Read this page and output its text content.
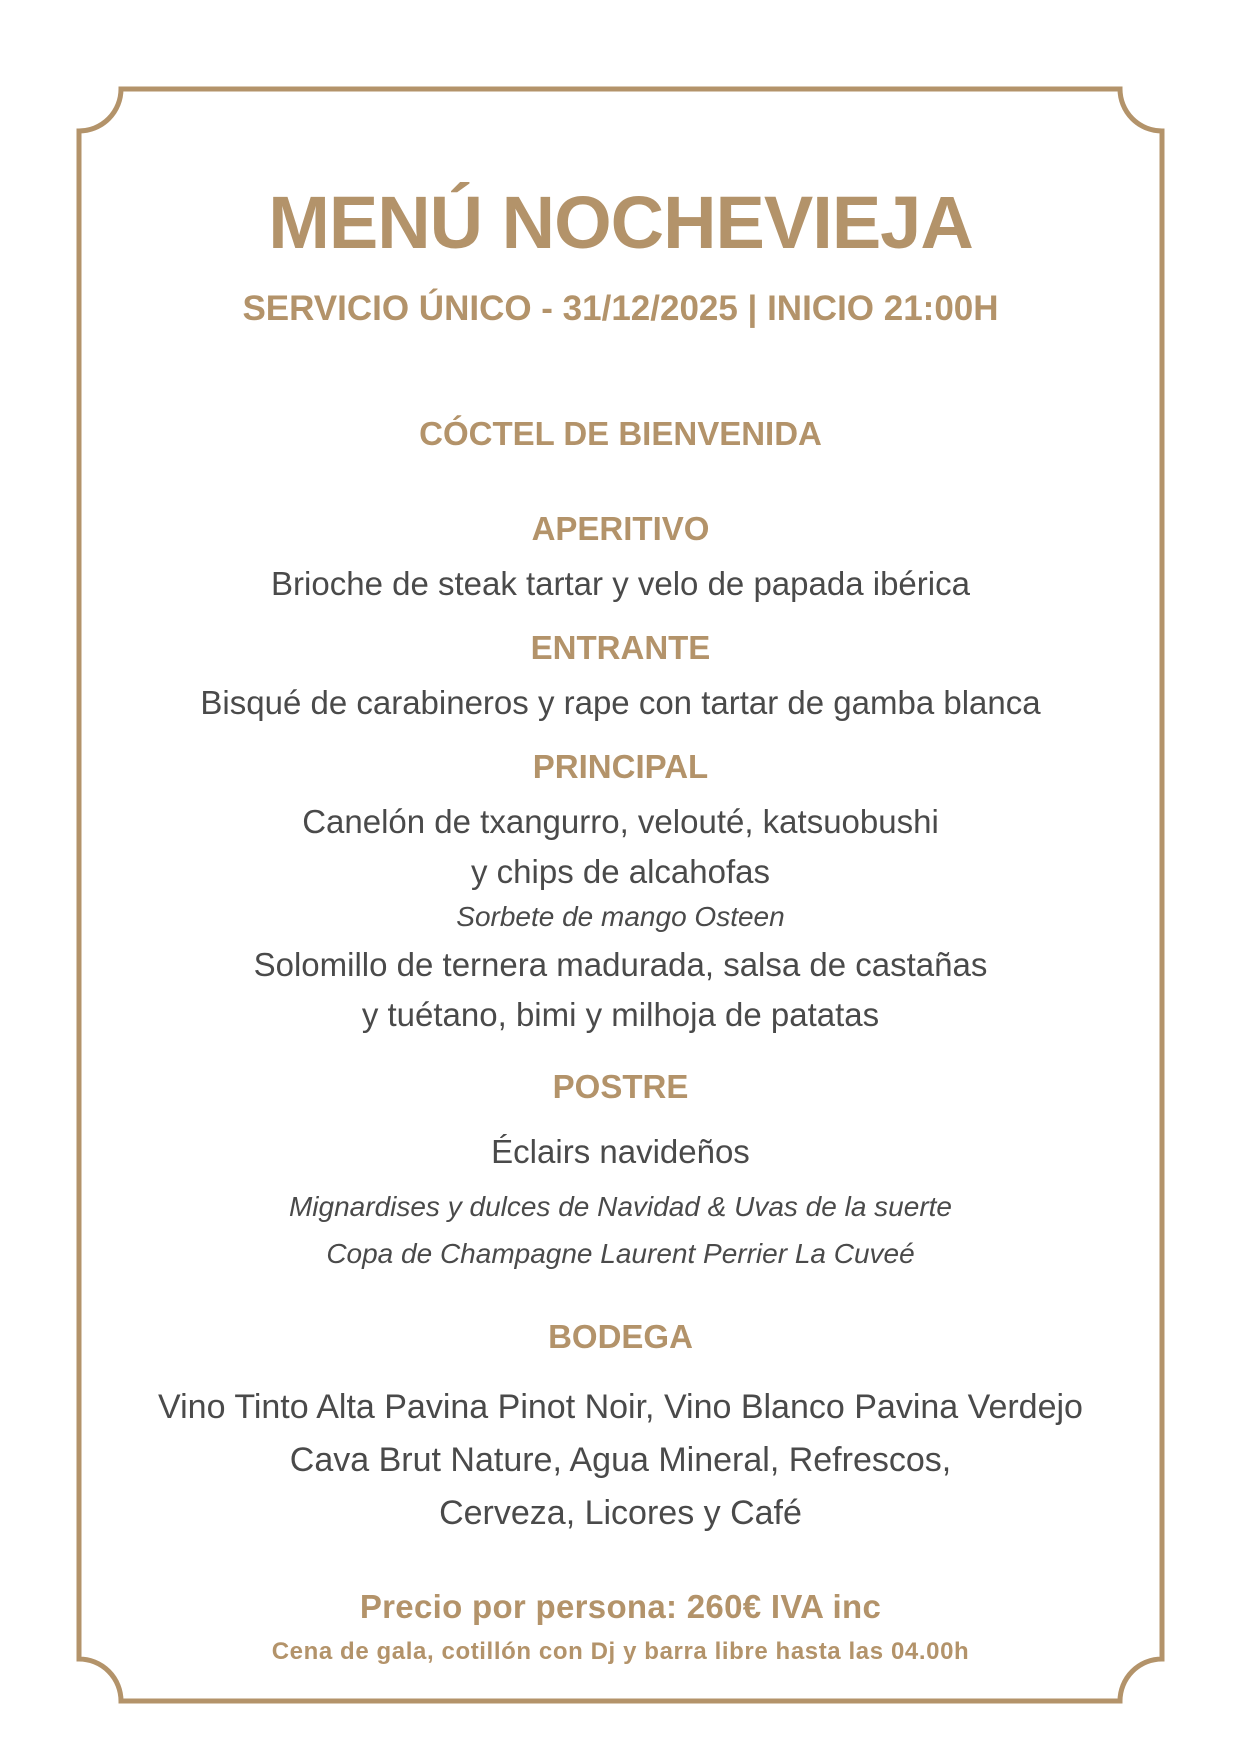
MENÚ NOCHEVIEJA
SERVICIO ÚNICO - 31/12/2025 | INICIO 21:00H
CÓCTEL DE BIENVENIDA
APERITIVO
Brioche de steak tartar y velo de papada ibérica
ENTRANTE
Bisqué de carabineros y rape con tartar de gamba blanca
PRINCIPAL
Canelón de txangurro, velouté, katsuobushi
y chips de alcahofas
Sorbete de mango Osteen
Solomillo de ternera madurada, salsa de castañas
y tuétano, bimi y milhoja de patatas
POSTRE
Éclairs navideños
Mignardises y dulces de Navidad & Uvas de la suerte
Copa de Champagne Laurent Perrier La Cuveé
BODEGA
Vino Tinto Alta Pavina Pinot Noir, Vino Blanco Pavina Verdejo
Cava Brut Nature, Agua Mineral, Refrescos,
Cerveza, Licores y Café
Precio por persona: 260€ IVA inc
Cena de gala, cotillón con Dj y barra libre hasta las 04.00h
